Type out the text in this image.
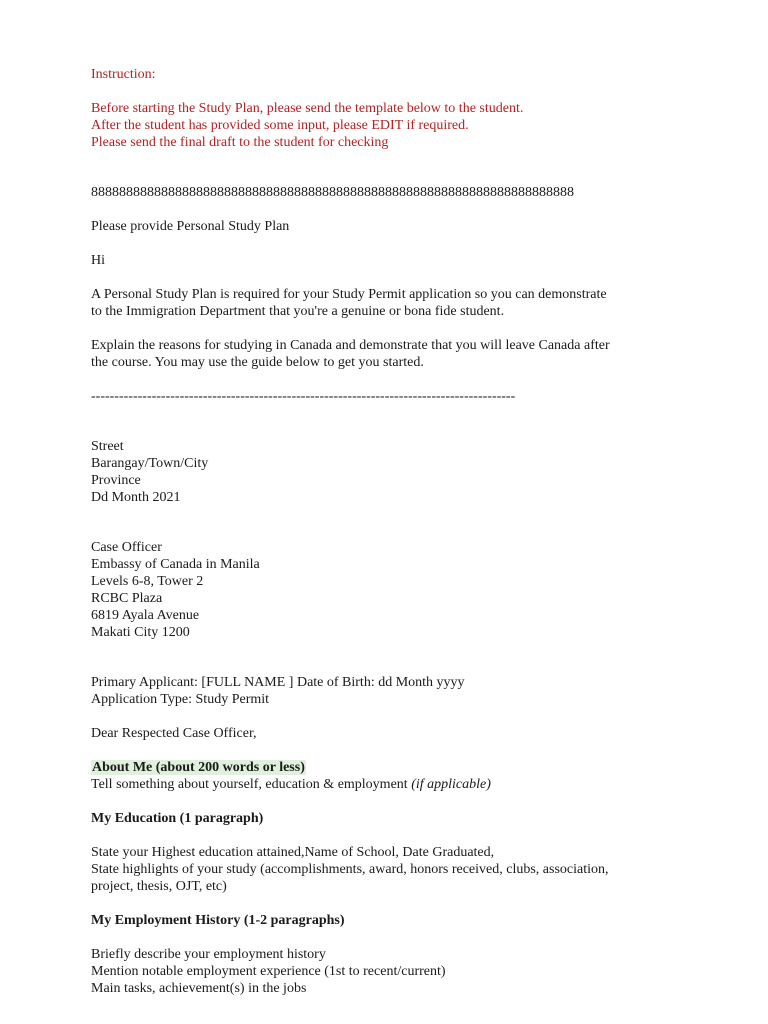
Instruction:
Before starting the Study Plan, please send the template below to the student.
After the student has provided some input, please EDIT if required.
Please send the final draft to the student for checking
888888888888888888888888888888888888888888888888888888888888888888888
Please provide Personal Study Plan
Hi
A Personal Study Plan is required for your Study Permit application so you can demonstrate
to the Immigration Department that you're a genuine or bona fide student.
Explain the reasons for studying in Canada and demonstrate that you will leave Canada after
the course. You may use the guide below to get you started.
-------------------------------------------------------------------------------------------
Street
Barangay/Town/City
Province
Dd Month 2021
Case Officer
Embassy of Canada in Manila
Levels 6-8, Tower 2
RCBC Plaza
6819 Ayala Avenue
Makati City 1200
Primary Applicant: [FULL NAME ] Date of Birth: dd Month yyyy
Application Type: Study Permit
Dear Respected Case Officer,
About Me (about 200 words or less)
Tell something about yourself, education & employment (if applicable)
My Education (1 paragraph)
State your Highest education attained,Name of School, Date Graduated,
State highlights of your study (accomplishments, award, honors received, clubs, association,
project, thesis, OJT, etc)
My Employment History (1-2 paragraphs)
Briefly describe your employment history
Mention notable employment experience (1st to recent/current)
Main tasks, achievement(s) in the jobs
